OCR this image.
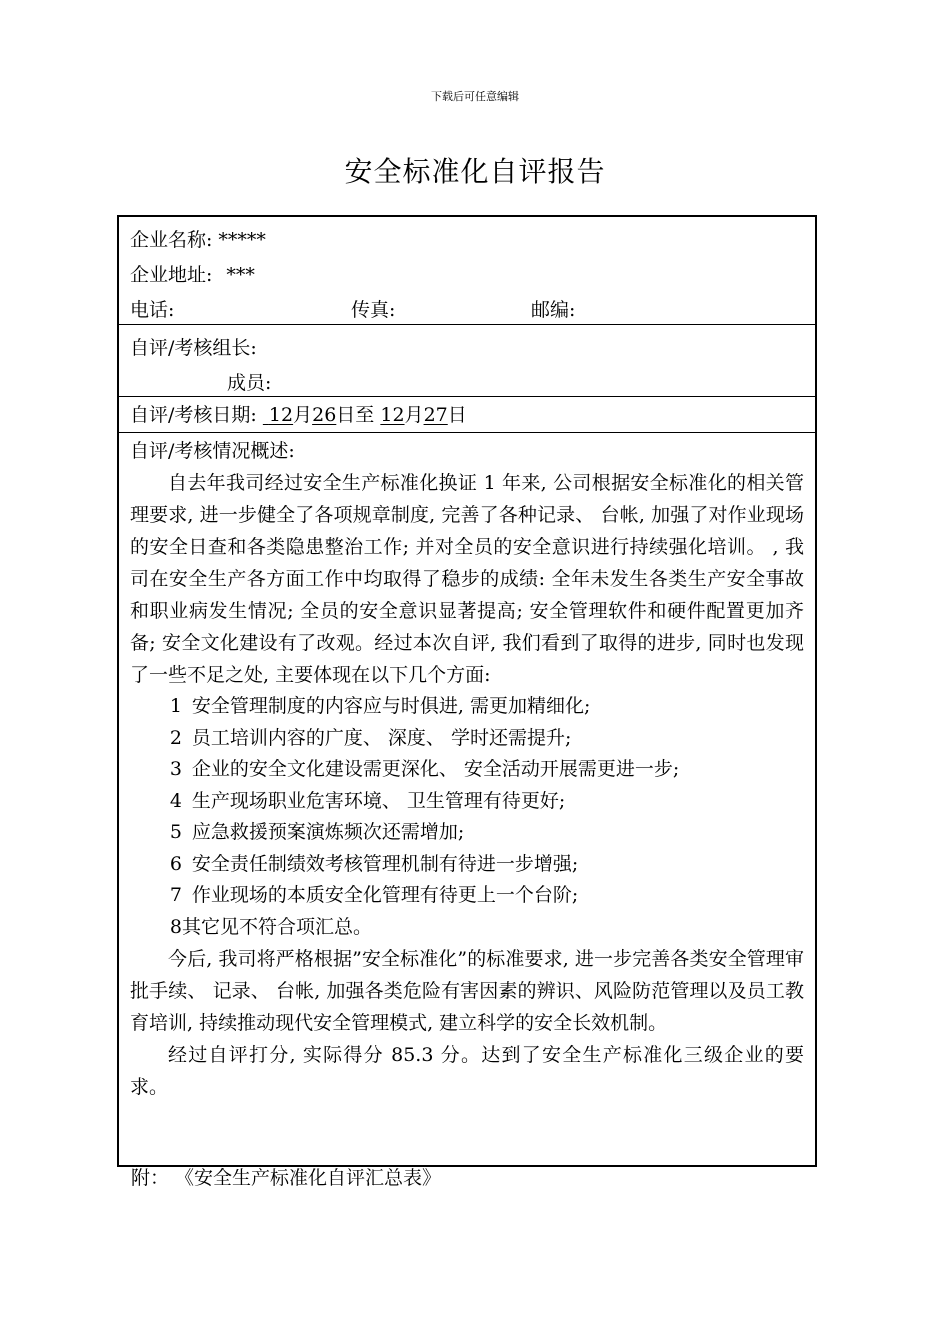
下载后可任意编辑
安全标准化自评报告
企业名称: *****
企业地址: ***
电话:	传真:	邮编:
自评/考核组长:
成员:
自评/考核日期: 12月26日至 12月27日

自评/考核情况概述:

自去年我司经过安全生产标准化换证 1 年来, 公司根据安全标准化的相关管理要求, 进一步健全了各项规章制度, 完善了各种记录、 台帐, 加强了对作业现场的安全日查和各类隐患整治工作; 并对全员的安全意识进行持续强化培训。 , 我司在安全生产各方面工作中均取得了稳步的成绩: 全年未发生各类生产安全事故和职业病发生情况; 全员的安全意识显著提高; 安全管理软件和硬件配置更加齐备; 安全文化建设有了改观。经过本次自评, 我们看到了取得的进步, 同时也发现了一些不足之处, 主要体现在以下几个方面:

1 安全管理制度的内容应与时俱进, 需更加精细化;
2 员工培训内容的广度、 深度、 学时还需提升;
3 企业的安全文化建设需更深化、 安全活动开展需更进一步;
4 生产现场职业危害环境、 卫生管理有待更好;
5 应急救援预案演炼频次还需增加;
6 安全责任制绩效考核管理机制有待进一步增强;
7 作业现场的本质安全化管理有待更上一个台阶;
8其它见不符合项汇总。

今后, 我司将严格根据”安全标准化”的标准要求, 进一步完善各类安全管理审批手续、 记录、 台帐, 加强各类危险有害因素的辨识、风险防范管理以及员工教育培训, 持续推动现代安全管理模式, 建立科学的安全长效机制。

经过自评打分, 实际得分 85.3 分。达到了安全生产标准化三级企业的要求。

附： 《安全生产标准化自评汇总表》
